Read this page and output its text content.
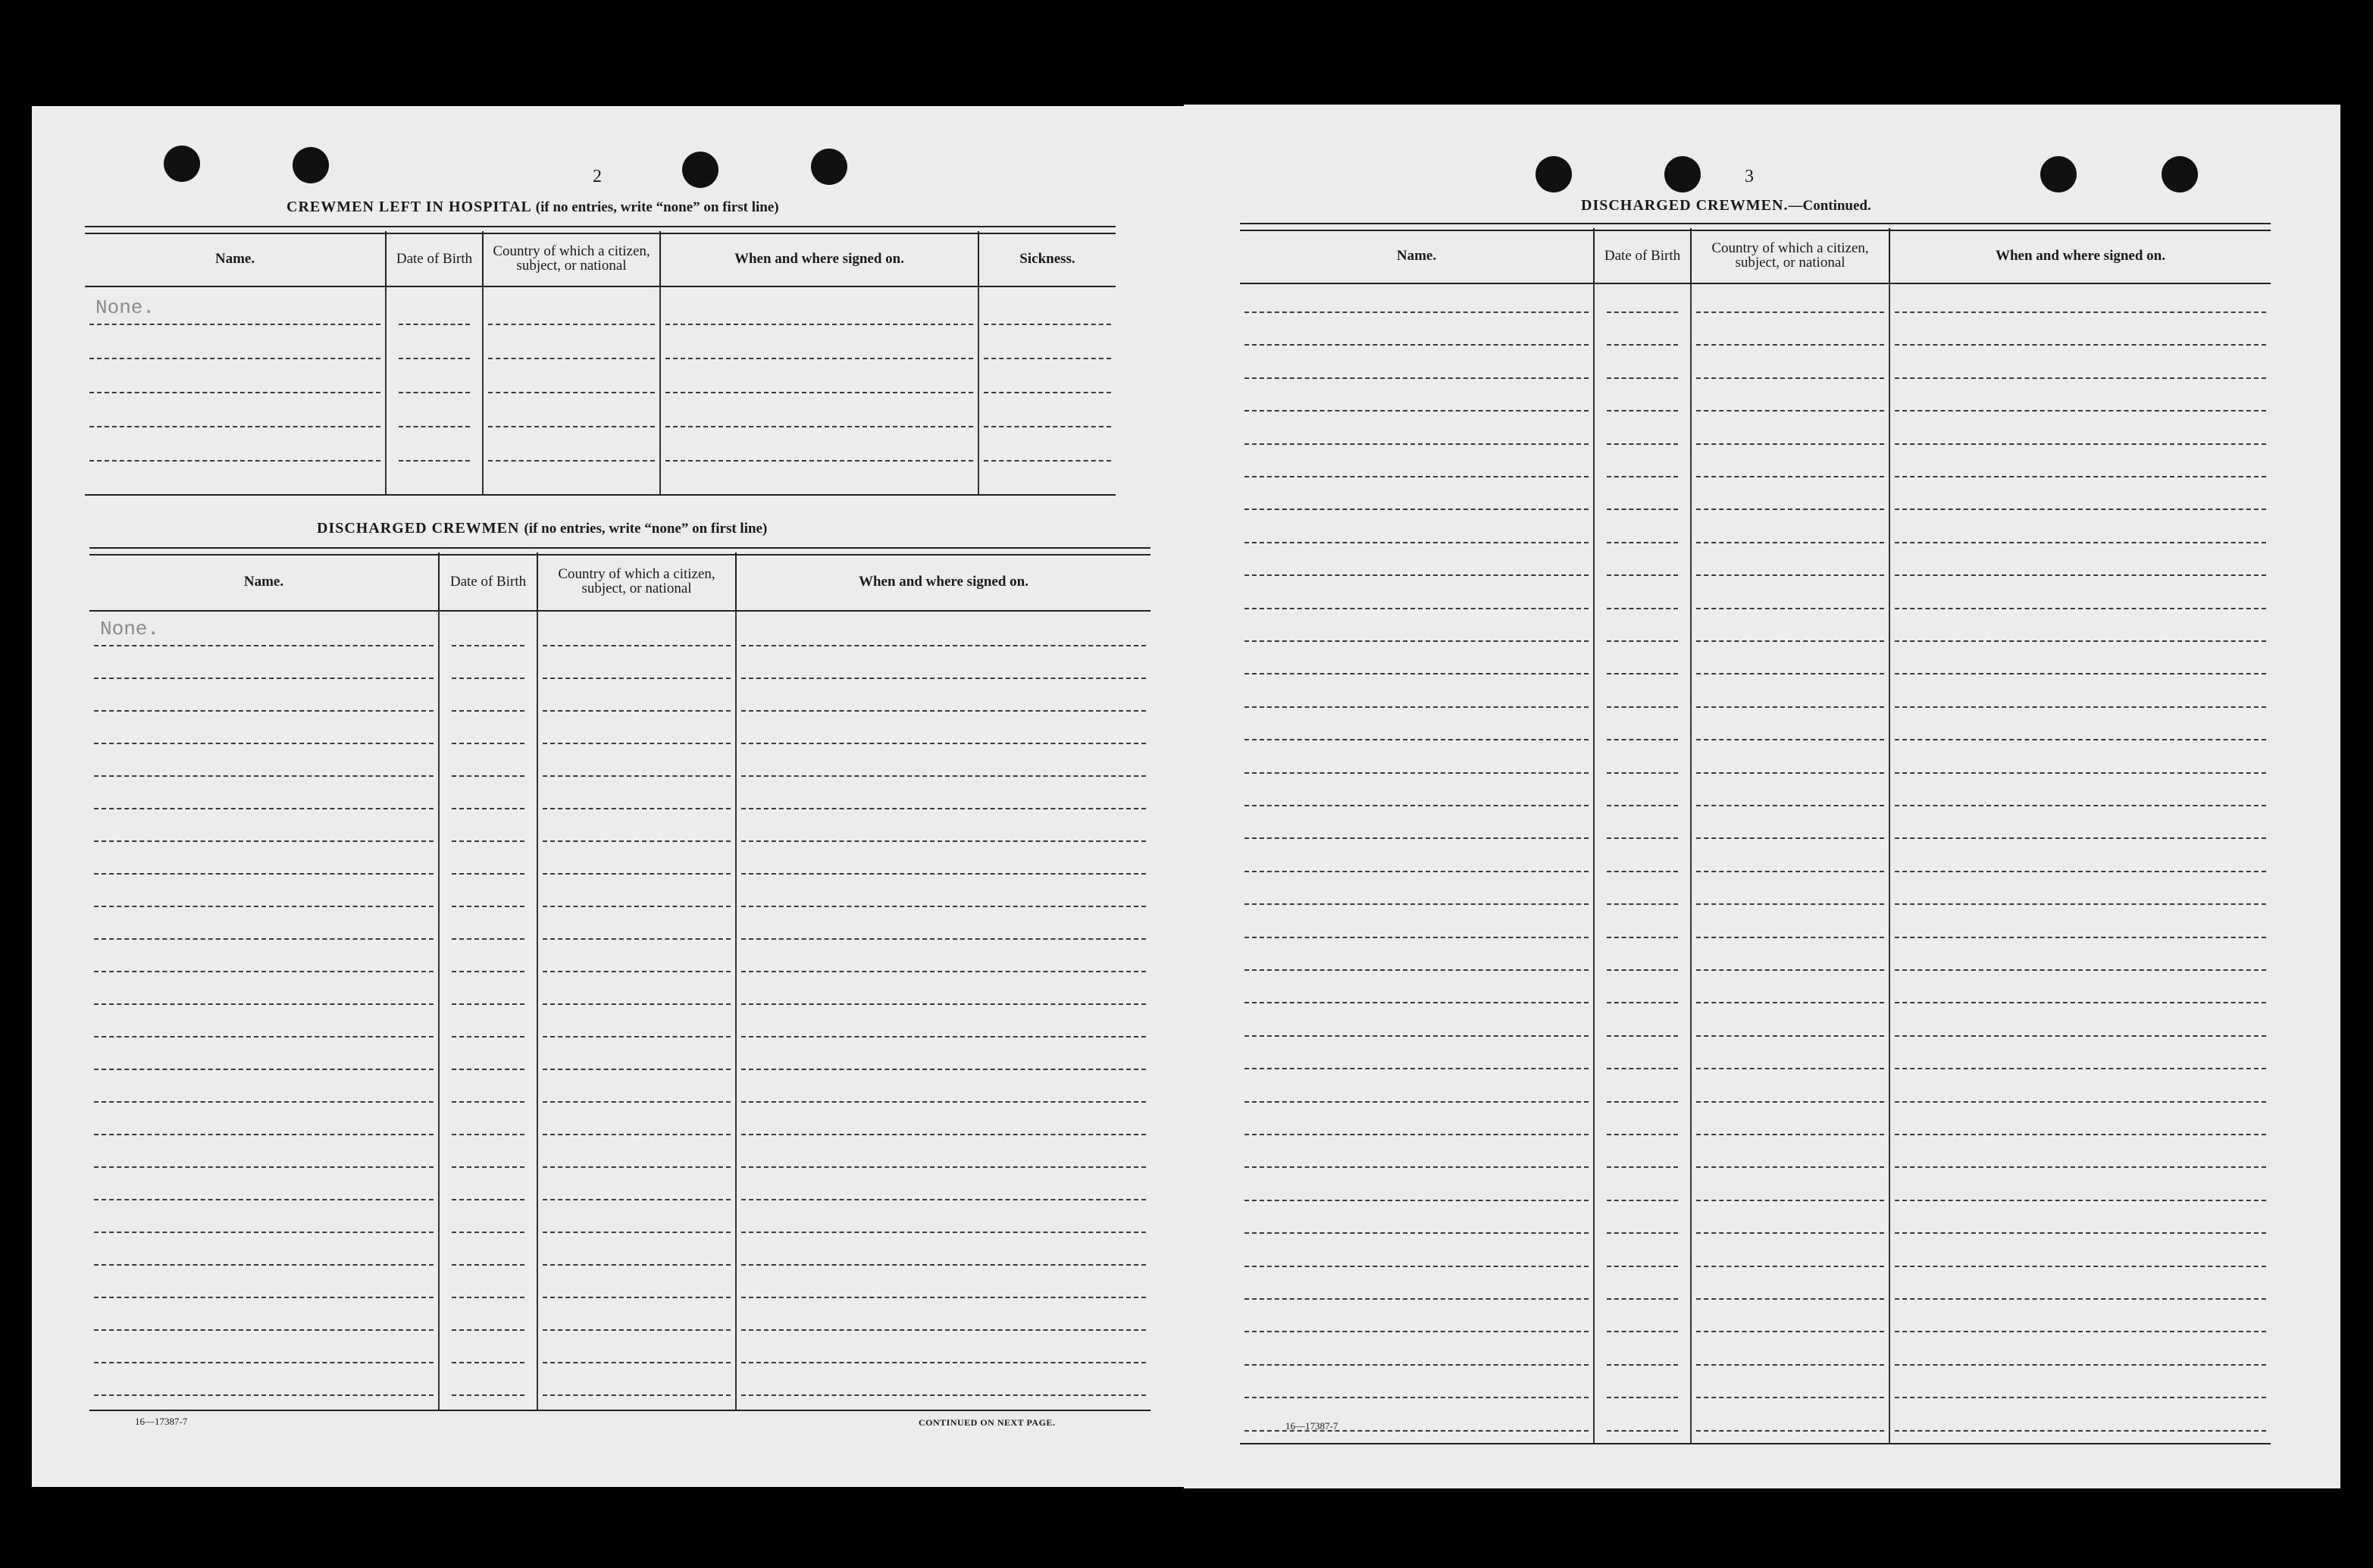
2
CREWMEN LEFT IN HOSPITAL (if no entries, write “none” on first line)
Name.	Date of Birth	Country of which a citizen, subject, or national	When and where signed on.	Sickness.
None.
DISCHARGED CREWMEN (if no entries, write “none” on first line)
Name.	Date of Birth	Country of which a citizen, subject, or national	When and where signed on.
None.
16—17387-7	CONTINUED ON NEXT PAGE.
3
DISCHARGED CREWMEN.—Continued.
Name.	Date of Birth	Country of which a citizen, subject, or national	When and where signed on.
16—17387-7
